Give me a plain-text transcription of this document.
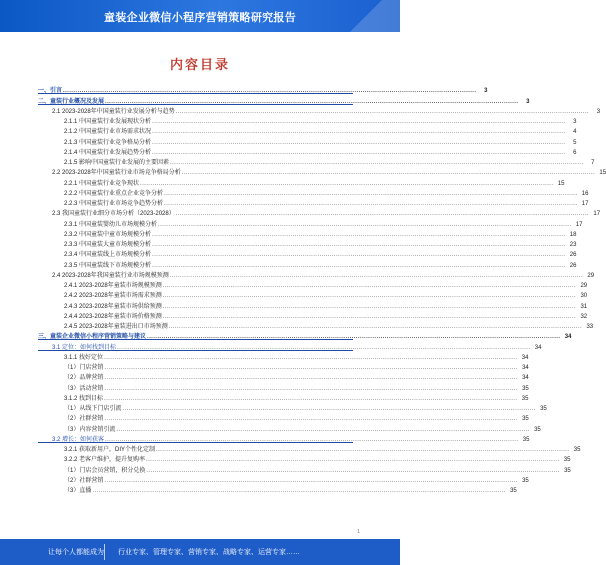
童装企业微信小程序营销策略研究报告
内容目录
一、引言 ........................................................................................................................................................................................................	3
二、童装行业概况及发展 ........................................................................................................................................................................................................	3
2.1 2023-2028年中国童装行业发展分析与趋势 ........................................................................................................................................................................................................	3
2.1.1 中国童装行业发展现状分析 ........................................................................................................................................................................................................	3
2.1.2 中国童装行业市场需求状况 ........................................................................................................................................................................................................	4
2.1.3 中国童装行业竞争格局分析 ........................................................................................................................................................................................................	5
2.1.4 中国童装行业发展趋势分析 ........................................................................................................................................................................................................	6
2.1.5 影响中国童装行业发展的主要因素 ........................................................................................................................................................................................................	7
2.2 2023-2028年中国童装行业市场竞争格局分析 ........................................................................................................................................................................................................ 15
2.2.1 中国童装行业竞争现状 ........................................................................................................................................................................................................ 15
2.2.2 中国童装行业重点企业竞争分析 ........................................................................................................................................................................................................ 16
2.2.3 中国童装行业市场竞争趋势分析 ........................................................................................................................................................................................................ 17
2.3 我国童装行业细分市场分析（2023-2028） ........................................................................................................................................................................................................ 17
2.3.1 中国童装婴幼儿市场规模分析 ........................................................................................................................................................................................................ 17
2.3.2 中国童装中童市场规模分析 ........................................................................................................................................................................................................ 18
2.3.3 中国童装大童市场规模分析 ........................................................................................................................................................................................................ 23
2.3.4 中国童装线上市场规模分析 ........................................................................................................................................................................................................ 26
2.3.5 中国童装线下市场规模分析 ........................................................................................................................................................................................................ 26
2.4 2023-2028年我国童装行业市场规模预测 ........................................................................................................................................................................................................ 29
2.4.1 2023-2028年童装市场规模预测 ........................................................................................................................................................................................................ 29
2.4.2 2023-2028年童装市场需求预测 ........................................................................................................................................................................................................ 30
2.4.3 2023-2028年童装市场供给预测 ........................................................................................................................................................................................................ 31
2.4.4 2023-2028年童装市场价格预测 ........................................................................................................................................................................................................ 32
2.4.5 2023-2028年童装进出口市场预测 ........................................................................................................................................................................................................ 33
三、童装企业微信小程序营销策略与建议 ........................................................................................................................................................................................................ 34
3.1 定位：如何找到目标 ........................................................................................................................................................................................................ 34
3.1.1 找好定位 ........................................................................................................................................................................................................ 34
（1）门店营销 ........................................................................................................................................................................................................ 34
（2）品牌营销 ........................................................................................................................................................................................................ 34
（3）活动营销 ........................................................................................................................................................................................................ 35
3.1.2 找到目标 ........................................................................................................................................................................................................ 35
（1）从线下门店引流 ........................................................................................................................................................................................................ 35
（2）社群营销 ........................................................................................................................................................................................................ 35
（3）内容营销引流 ........................................................................................................................................................................................................ 35
3.2 增长：如何获客 ........................................................................................................................................................................................................ 35
3.2.1 获取新用户，DIY个性化定制 ........................................................................................................................................................................................................ 35
3.2.2 老客户维护，提升复购率 ........................................................................................................................................................................................................ 35
（1）门店会员营销，积分兑换 ........................................................................................................................................................................................................ 35
（2）社群营销 ........................................................................................................................................................................................................ 35
（3）直播 ........................................................................................................................................................................................................ 35
1
让每个人都能成为 行业专家、管理专家、营销专家、战略专家、运营专家……
